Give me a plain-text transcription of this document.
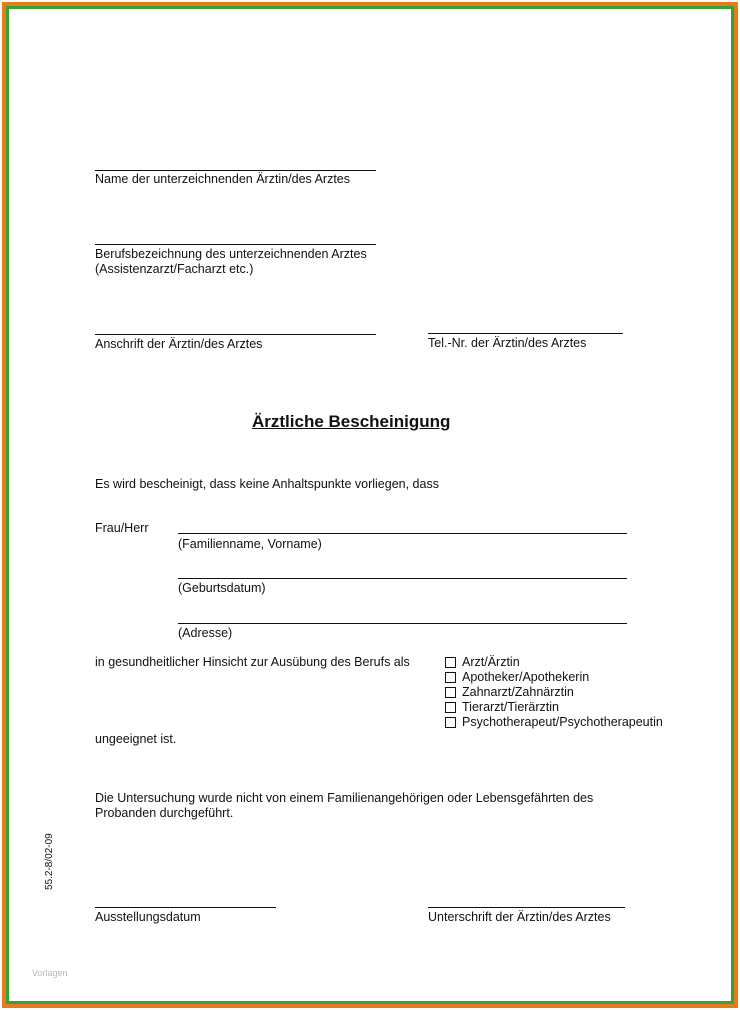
Name der unterzeichnenden Ärztin/des Arztes
Berufsbezeichnung des unterzeichnenden Arztes
(Assistenzarzt/Facharzt etc.)
Anschrift der Ärztin/des Arztes	Tel.-Nr. der Ärztin/des Arztes
Ärztliche Bescheinigung
Es wird bescheinigt, dass keine Anhaltspunkte vorliegen, dass
Frau/Herr
(Familienname, Vorname)
(Geburtsdatum)
(Adresse)
in gesundheitlicher Hinsicht zur Ausübung des Berufs als	Arzt/Ärztin
Apotheker/Apothekerin
Zahnarzt/Zahnärztin
Tierarzt/Tierärztin
Psychotherapeut/Psychotherapeutin
ungeeignet ist.
Die Untersuchung wurde nicht von einem Familienangehörigen oder Lebensgefährten des
Probanden durchgeführt.
Ausstellungsdatum	Unterschrift der Ärztin/des Arztes
55.2-8/02-09
Vorlagen
